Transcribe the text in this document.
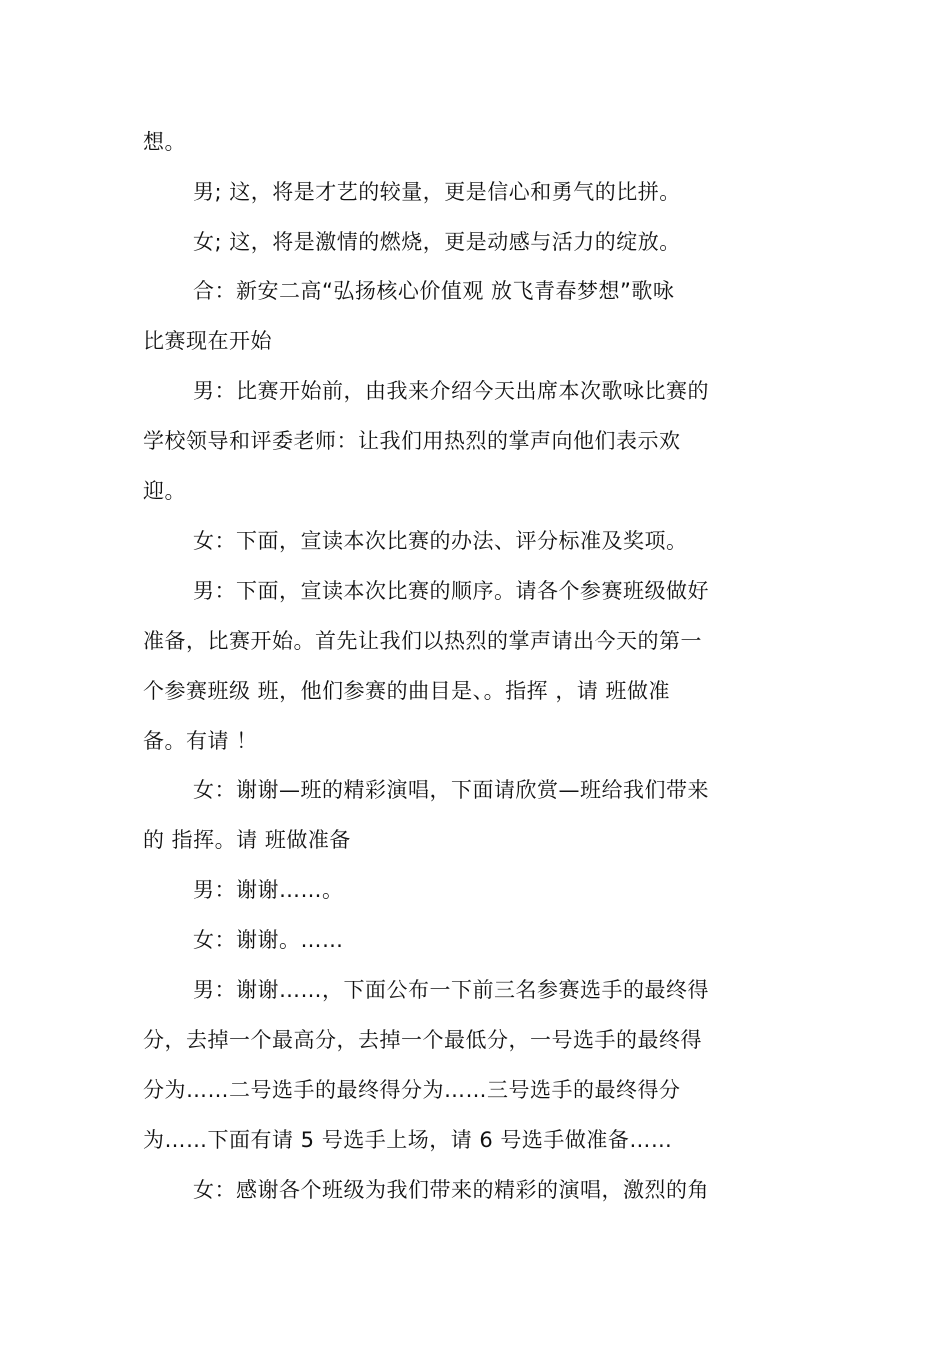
想。
男; 这，将是才艺的较量，更是信心和勇气的比拼。
女; 这，将是激情的燃烧，更是动感与活力的绽放。
合：新安二高“弘扬核心价值观 放飞青春梦想”歌咏
比赛现在开始
男：比赛开始前，由我来介绍今天出席本次歌咏比赛的
学校领导和评委老师：让我们用热烈的掌声向他们表示欢
迎。
女：下面，宣读本次比赛的办法、评分标准及奖项。
男：下面，宣读本次比赛的顺序。请各个参赛班级做好
准备，比赛开始。首先让我们以热烈的掌声请出今天的第一
个参赛班级 班，他们参赛的曲目是、。指挥 ，请 班做准
备。有请 ！
女：谢谢—班的精彩演唱，下面请欣赏—班给我们带来
的 指挥。请 班做准备
男：谢谢……。
女：谢谢。……
男：谢谢……，下面公布一下前三名参赛选手的最终得
分，去掉一个最高分，去掉一个最低分，一号选手的最终得
分为……二号选手的最终得分为……三号选手的最终得分
为……下面有请 5 号选手上场，请 6 号选手做准备……
女：感谢各个班级为我们带来的精彩的演唱，激烈的角
